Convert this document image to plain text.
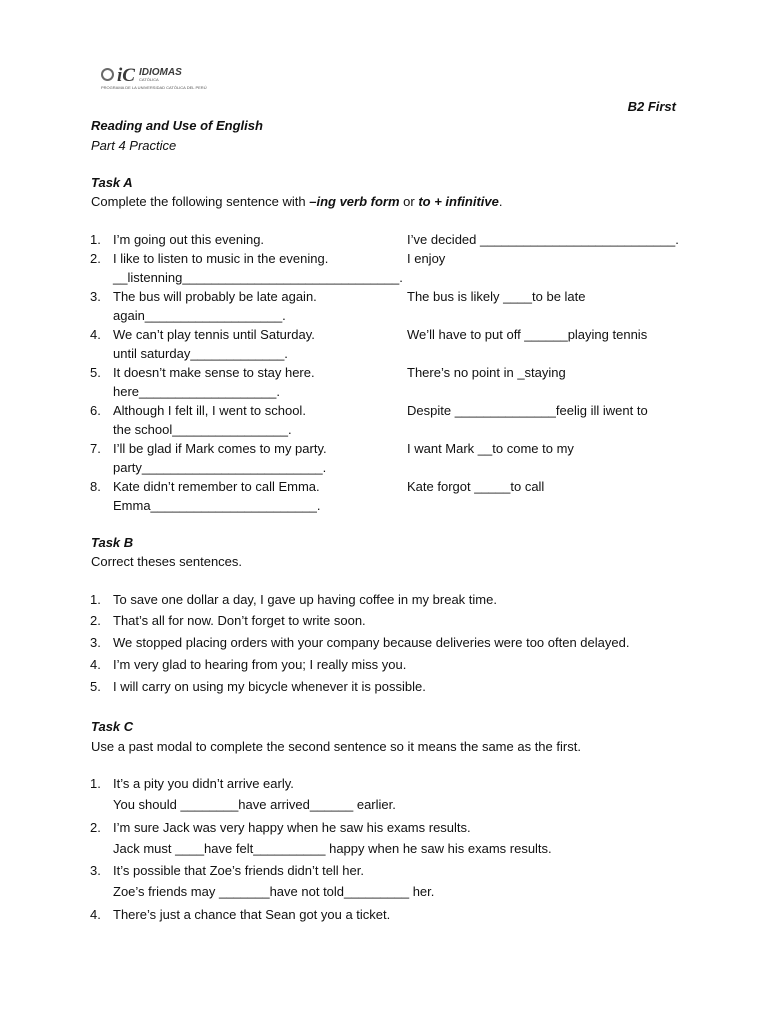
iC IDIOMAS
CATÓLICA
PROGRAMA DE LA UNIVERSIDAD CATÓLICA DEL PERÚ
B2 First
Reading and Use of English
Part 4 Practice
Task A
Complete the following sentence with –ing verb form or to + infinitive.
1. I’m going out this evening.	I’ve decided ___________________________.
2. I like to listen to music in the evening.	I enjoy
__listenning______________________________.
3. The bus will probably be late again.	The bus is likely ____to be late
again___________________.
4. We can’t play tennis until Saturday.	We’ll have to put off ______playing tennis
until saturday_____________.
5. It doesn’t make sense to stay here.	There’s no point in _staying
here___________________.
6. Although I felt ill, I went to school.	Despite ______________feelig ill iwent to
the school________________.
7. I’ll be glad if Mark comes to my party.	I want Mark __to come to my
party_________________________.
8. Kate didn’t remember to call Emma.	Kate forgot _____to call
Emma_______________________.
Task B
Correct theses sentences.
1. To save one dollar a day, I gave up having coffee in my break time.
2. That’s all for now. Don’t forget to write soon.
3. We stopped placing orders with your company because deliveries were too often delayed.
4. I’m very glad to hearing from you; I really miss you.
5. I will carry on using my bicycle whenever it is possible.
Task C
Use a past modal to complete the second sentence so it means the same as the first.
1. It’s a pity you didn’t arrive early.
You should ________have arrived______ earlier.
2. I’m sure Jack was very happy when he saw his exams results.
Jack must ____have felt__________ happy when he saw his exams results.
3. It’s possible that Zoe’s friends didn’t tell her.
Zoe’s friends may _______have not told_________ her.
4. There’s just a chance that Sean got you a ticket.
